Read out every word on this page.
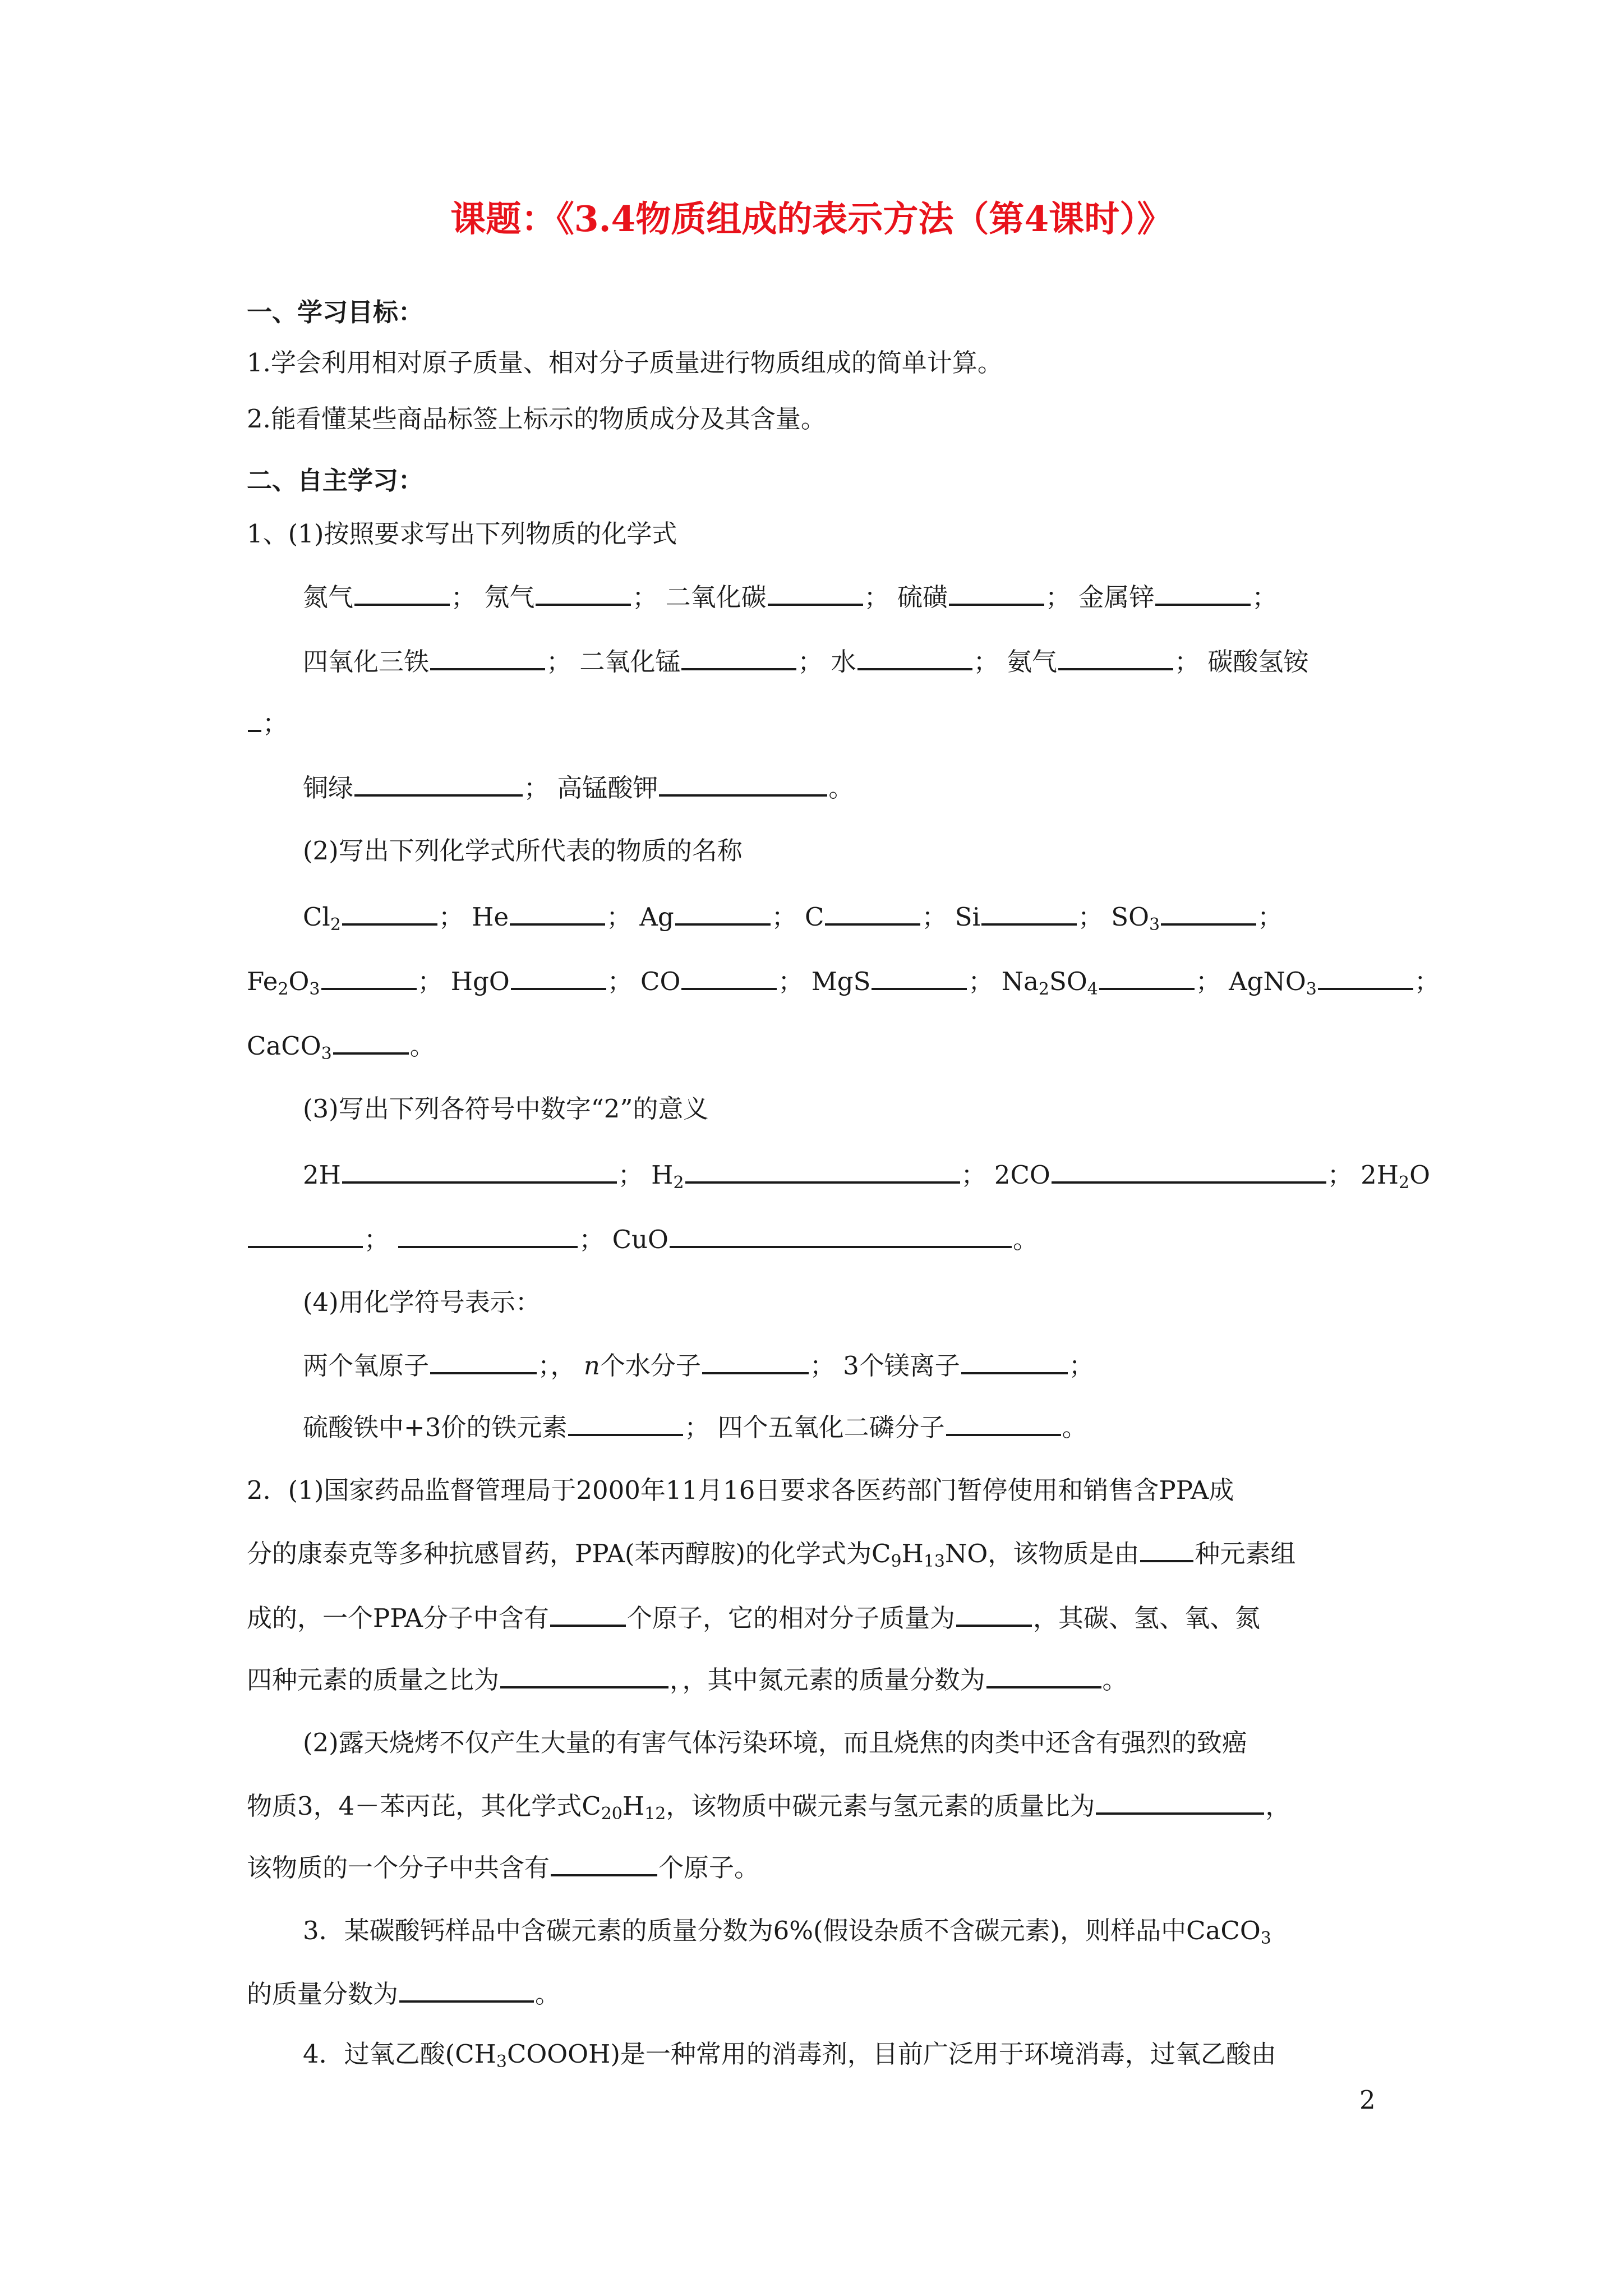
课题：《3.4物质组成的表示方法（第4课时）》
一、学习目标：
1.学会利用相对原子质量、相对分子质量进行物质组成的简单计算。
2.能看懂某些商品标签上标示的物质成分及其含量。
二、自主学习：
1、(1)按照要求写出下列物质的化学式
氮气	； 氖气	； 二氧化碳	； 硫磺	； 金属锌	；
四氧化三铁	； 二氧化锰	； 水	； 氨气	； 碳酸氢铵
；
铜绿	； 高锰酸钾	。
(2)写出下列化学式所代表的物质的名称
$Cl_2$	； He	； Ag	； C	； Si	； $SO_3$	；
$Fe_2O_3$	； HgO	； CO	； MgS	； $Na_2SO_4$	； AgNO$_3$	；
CaCO$_3$	。
(3)写出下列各符号中数字“2”的意义
2H	； $H_2$	； 2CO	； $2H_2O$
；	； CuO	。
(4)用化学符号表示：
两个氧原子	；， n个水分子	； 3个镁离子	；
硫酸铁中+3价的铁元素	； 四个五氧化二磷分子	。
2．(1)国家药品监督管理局于2000年11月16日要求各医药部门暂停使用和销售含PPA成
分的康泰克等多种抗感冒药，PPA(苯丙醇胺)的化学式为$C_9H_{13}NO$，该物质是由 种元素组
成的，一个PPA分子中含有	个原子，它的相对分子质量为	，其碳、氢、氧、氮
四种元素的质量之比为	，，其中氮元素的质量分数为	。
(2)露天烧烤不仅产生大量的有害气体污染环境，而且烧焦的肉类中还含有强烈的致癌
物质3，4－苯丙芘，其化学式$C_{20}H_{12}$，该物质中碳元素与氢元素的质量比为	，
该物质的一个分子中共含有	个原子。
3．某碳酸钙样品中含碳元素的质量分数为6%(假设杂质不含碳元素)，则样品中CaCO$_3$
的质量分数为	。
4．过氧乙酸$(CH_3COOOH)$是一种常用的消毒剂，目前广泛用于环境消毒，过氧乙酸由
2
